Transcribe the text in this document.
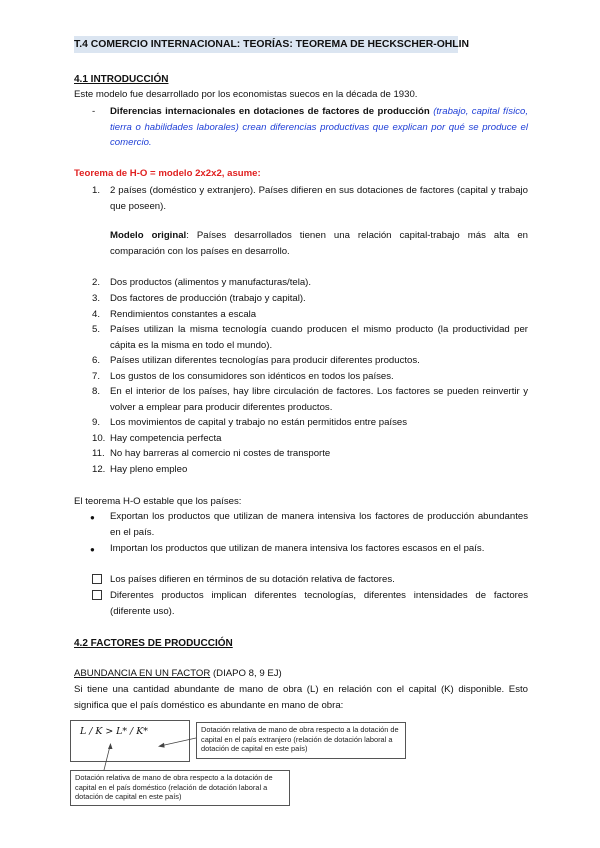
T.4 COMERCIO INTERNACIONAL: TEORÍAS: TEOREMA DE HECKSCHER-OHLIN
4.1 INTRODUCCIÓN
Este modelo fue desarrollado por los economistas suecos en la década de 1930.
- Diferencias internacionales en dotaciones de factores de producción (trabajo, capital físico, tierra o habilidades laborales) crean diferencias productivas que explican por qué se produce el comercio.
Teorema de H-O = modelo 2x2x2, asume:
1.	2 países (doméstico y extranjero). Países difieren en sus dotaciones de factores (capital y trabajo que poseen).
Modelo original: Países desarrollados tienen una relación capital-trabajo más alta en comparación con los países en desarrollo.
2.	Dos productos (alimentos y manufacturas/tela).
3.	Dos factores de producción (trabajo y capital).
4.	Rendimientos constantes a escala
5.	Países utilizan la misma tecnología cuando producen el mismo producto (la productividad per cápita es la misma en todo el mundo).
6.	Países utilizan diferentes tecnologías para producir diferentes productos.
7.	Los gustos de los consumidores son idénticos en todos los países.
8.	En el interior de los países, hay libre circulación de factores. Los factores se pueden reinvertir y volver a emplear para producir diferentes productos.
9.	Los movimientos de capital y trabajo no están permitidos entre países
10. Hay competencia perfecta
11. No hay barreras al comercio ni costes de transporte
12. Hay pleno empleo
El teorema H-O estable que los países:
● Exportan los productos que utilizan de manera intensiva los factores de producción abundantes en el país.
● Importan los productos que utilizan de manera intensiva los factores escasos en el país.
Los países difieren en términos de su dotación relativa de factores.
Diferentes productos implican diferentes tecnologías, diferentes intensidades de factores (diferente uso).
4.2 FACTORES DE PRODUCCIÓN
ABUNDANCIA EN UN FACTOR (DIAPO 8, 9 EJ)
Si tiene una cantidad abundante de mano de obra (L) en relación con el capital (K) disponible. Esto significa que el país doméstico es abundante en mano de obra:
L / K > L* / K*	Dotación relativa de mano de obra respecto a la dotación de capital en el país extranjero (relación de dotación laboral a dotación de capital en este país)
Dotación relativa de mano de obra respecto a la dotación de capital en el país doméstico (relación de dotación laboral a dotación de capital en este país)
